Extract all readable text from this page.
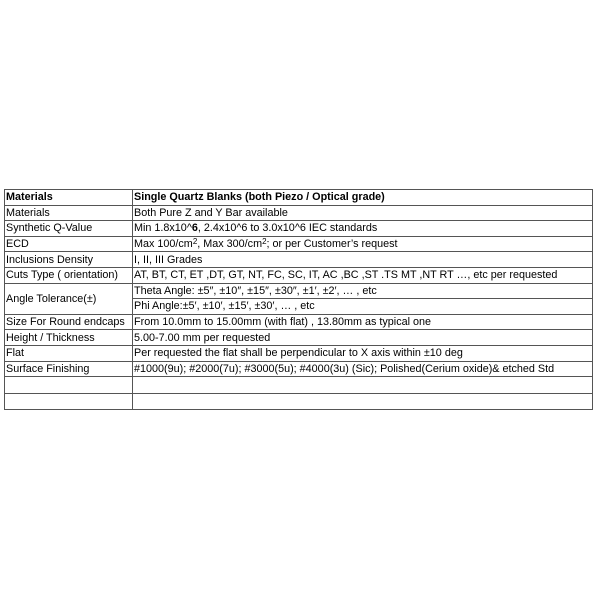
Materials	Single Quartz Blanks (both Piezo / Optical grade)
Materials	Both Pure Z and Y Bar available
Synthetic Q-Value	Min 1.8x10^6, 2.4x10^6 to 3.0x10^6 IEC standards
ECD	Max $100/cm^2$, Max $300/cm^2$; or per Customer’s request
Inclusions Density	I, II, III Grades
Cuts Type ( orientation)	AT, BT, CT, ET ,DT, GT, NT, FC, SC, IT, AC ,BC ,ST .TS MT ,NT RT …, etc per requested
Angle Tolerance(±)	Theta Angle: ±5″, ±10″, ±15″, ±30″, ±1′, ±2′, … , etc
	Phi Angle:±5′, ±10′, ±15′, ±30′, … , etc
Size For Round endcaps	From 10.0mm to 15.00mm (with flat) , 13.80mm as typical one
Height / Thickness	5.00-7.00 mm per requested
Flat	Per requested the flat shall be perpendicular to X axis within ±10 deg
Surface Finishing	#1000(9u); #2000(7u); #3000(5u); #4000(3u) (Sic); Polished(Cerium oxide)& etched Std
